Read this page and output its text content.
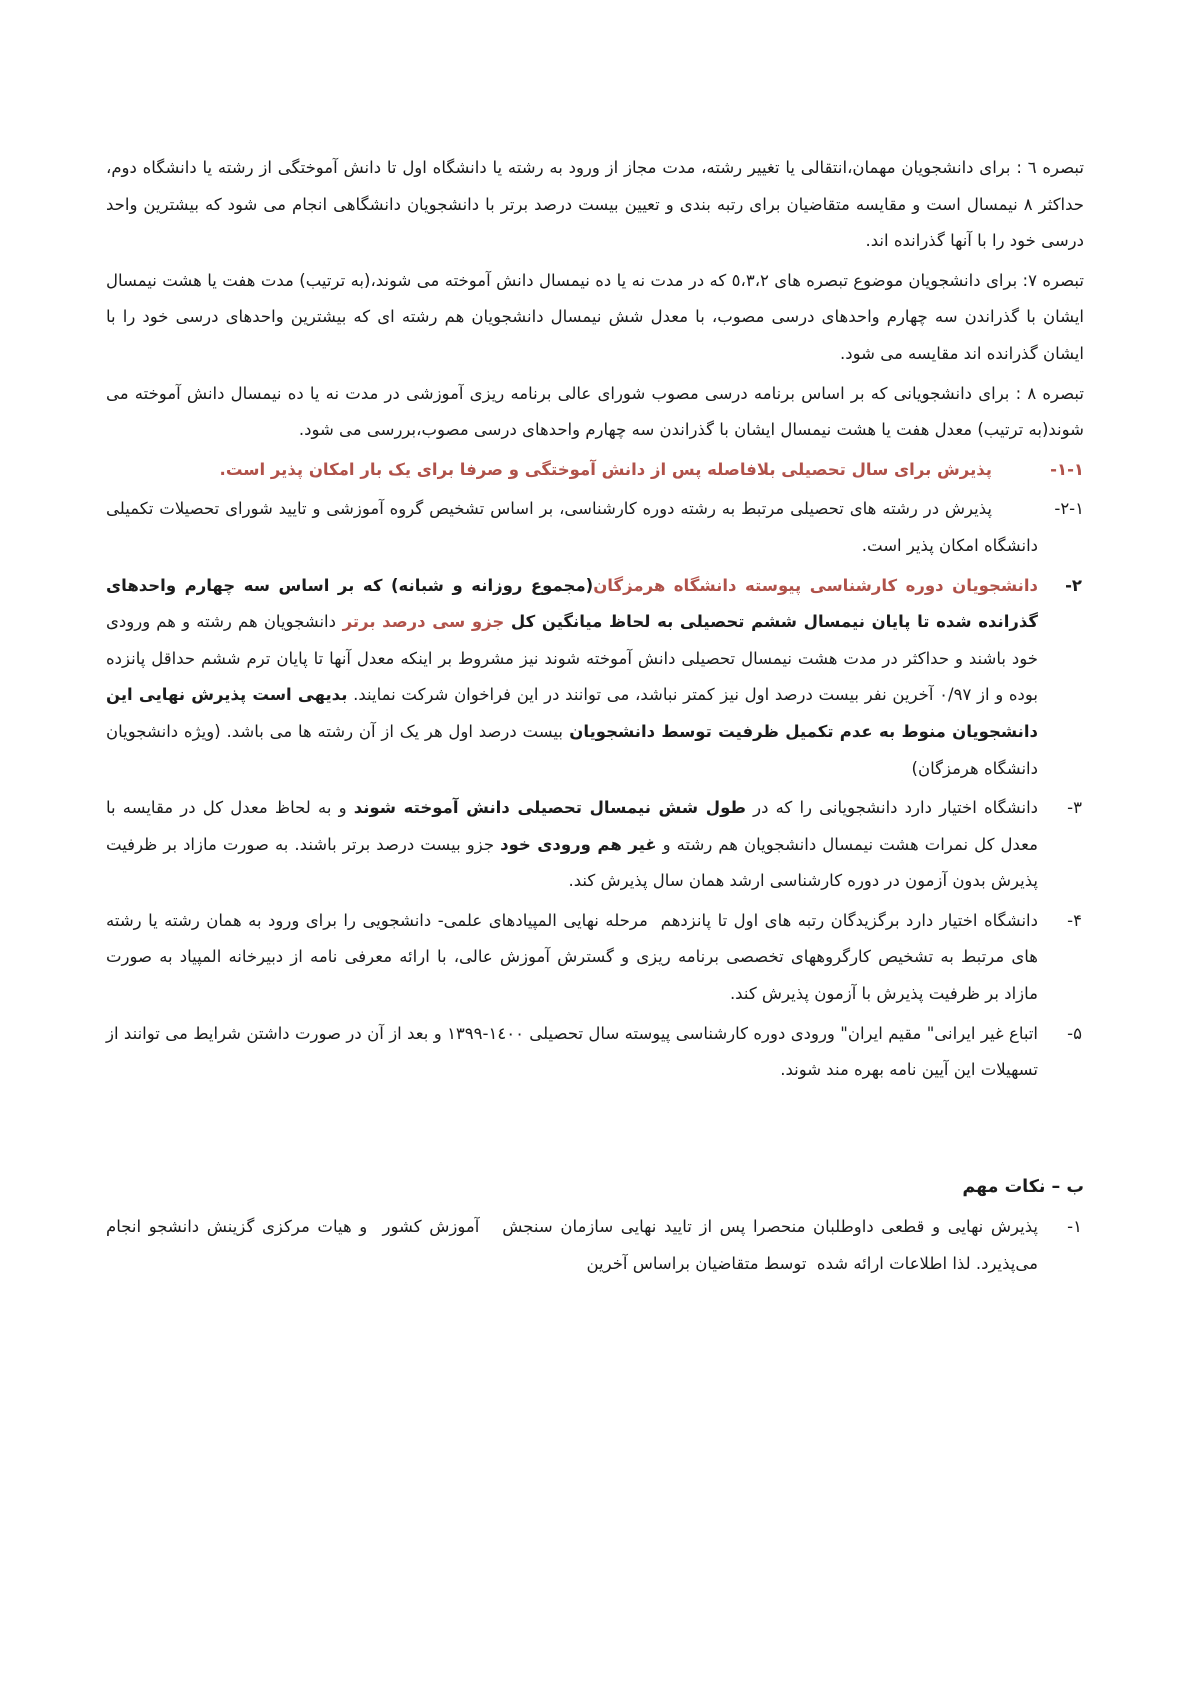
تبصره ٦ : برای دانشجویان مهمان،انتقالی یا تغییر رشته، مدت مجاز از ورود به رشته یا دانشگاه اول تا دانش آموختگی از رشته یا دانشگاه دوم، حداکثر ٨ نیمسال است و مقایسه متقاضیان برای رتبه بندی و تعیین بیست درصد برتر با دانشجویان دانشگاهی انجام می شود که بیشترین واحد درسی خود را با آنها گذرانده اند.

تبصره ٧: برای دانشجویان موضوع تبصره های ٥،٣،٢ که در مدت نه یا ده نیمسال دانش آموخته می شوند،(به ترتیب) مدت هفت یا هشت نیمسال ایشان با گذراندن سه چهارم واحدهای درسی مصوب، با معدل شش نیمسال دانشجویان هم رشته ای که بیشترین واحدهای درسی خود را با ایشان گذرانده اند مقایسه می شود.

تبصره ٨ : برای دانشجویانی که بر اساس برنامه درسی مصوب شورای عالی برنامه ریزی آموزشی در مدت نه یا ده نیمسال دانش آموخته می شوند(به ترتیب) معدل هفت یا هشت نیمسال ایشان با گذراندن سه چهارم واحدهای درسی مصوب،بررسی می شود.

۱-۱-

پذیرش برای سال تحصیلی بلافاصله پس از دانش آموختگی و صرفا برای یک بار امکان پذیر است.

۲-۱-

پذیرش در رشته های تحصیلی مرتبط به رشته دوره کارشناسی، بر اساس تشخیص گروه آموزشی و تایید شورای تحصیلات تکمیلی دانشگاه امکان پذیر است.

۲-

دانشجویان دوره کارشناسی پیوسته دانشگاه هرمزگان(مجموع روزانه و شبانه) که بر اساس سه چهارم واحدهای گذرانده شده تا پایان نیمسال ششم تحصیلی به لحاظ میانگین کل جزو سی درصد برتر دانشجویان هم رشته و هم ورودی خود باشند و حداکثر در مدت هشت نیمسال تحصیلی دانش آموخته شوند نیز مشروط بر اینکه معدل آنها تا پایان ترم ششم حداقل پانزده بوده و از ٠/٩٧ آخرین نفر بیست درصد اول نیز کمتر نباشد، می توانند در این فراخوان شرکت نمایند. بدیهی است پذیرش نهایی این دانشجویان منوط به عدم تکمیل ظرفیت توسط دانشجویان بیست درصد اول هر یک از آن رشته ها می باشد. (ویژه دانشجویان دانشگاه هرمزگان)

۳-

دانشگاه اختیار دارد دانشجویانی را که در طول شش نیمسال تحصیلی دانش آموخته شوند و به لحاظ معدل کل در مقایسه با معدل کل نمرات هشت نیمسال دانشجویان هم رشته و غیر هم ورودی خود جزو بیست درصد برتر باشند. به صورت مازاد بر ظرفیت پذیرش بدون آزمون در دوره کارشناسی ارشد همان سال پذیرش کند.

۴-

دانشگاه اختیار دارد برگزیدگان رتبه های اول تا پانزدهم  مرحله نهایی المپیادهای علمی- دانشجویی را برای ورود به همان رشته یا رشته های مرتبط به تشخیص کارگروههای تخصصی برنامه ریزی و گسترش آموزش عالی، با ارائه معرفی نامه از دبیرخانه المپیاد به صورت مازاد بر ظرفیت پذیرش با آزمون پذیرش کند.

۵-

اتباع غیر ایرانی" مقیم ایران" ورودی دوره کارشناسی پیوسته سال تحصیلی ١٤٠٠-١٣٩٩ و بعد از آن در صورت داشتن شرایط می توانند از تسهیلات این آیین نامه بهره مند شوند.

ب – نکات مهم
۱-

پذیرش نهایی و قطعی داوطلبان منحصرا پس از تایید نهایی سازمان سنجش   آموزش کشور  و هیات مرکزی گزینش دانشجو انجام می‌پذیرد. لذا اطلاعات ارائه شده  توسط متقاضیان براساس آخرین
